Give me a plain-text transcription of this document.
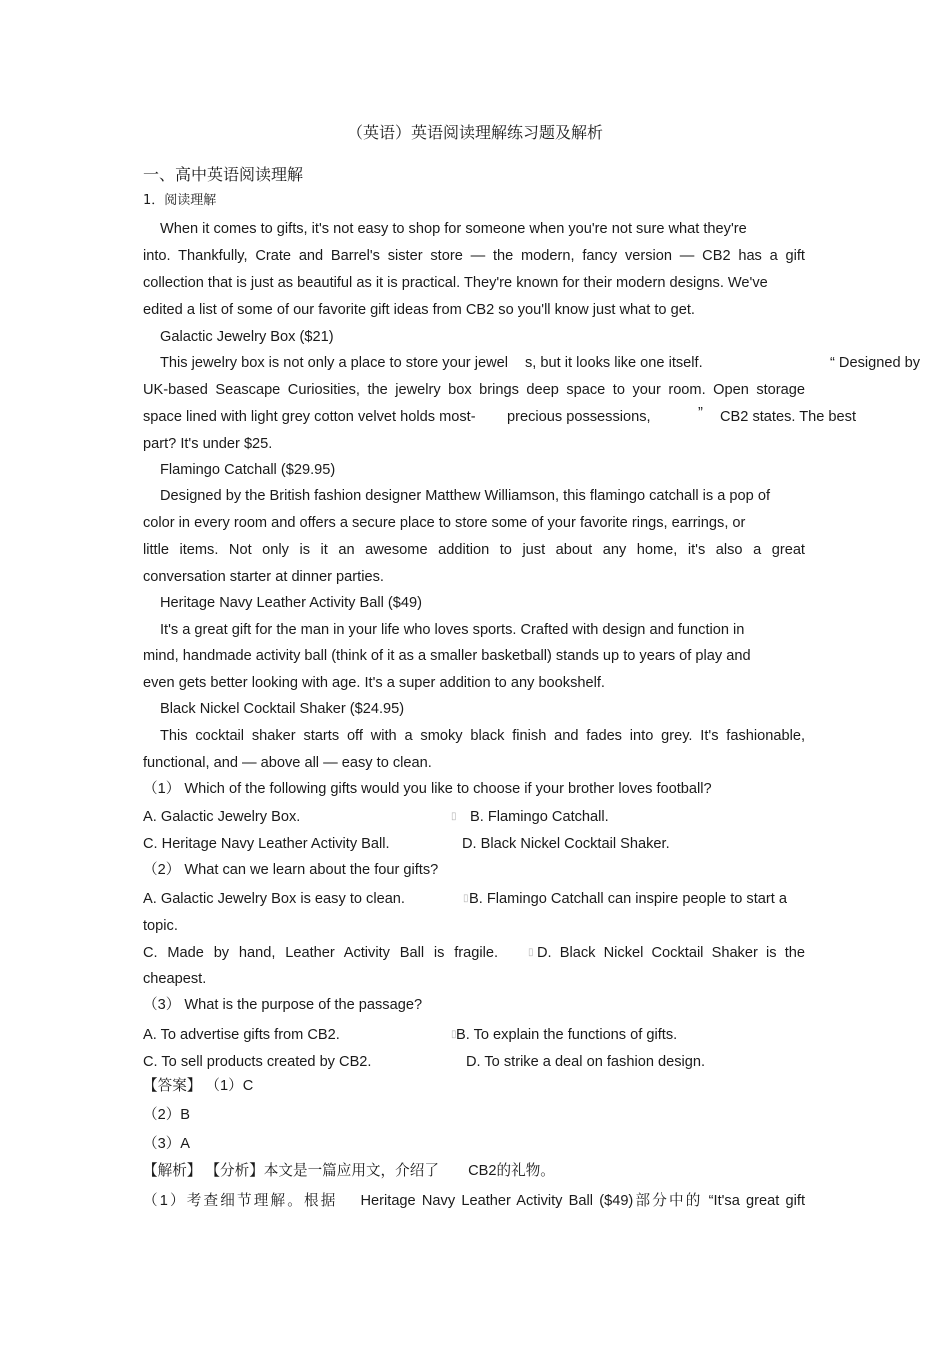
（英语）英语阅读理解练习题及解析
一、高中英语阅读理解
1．阅读理解
When it comes to gifts, it's not easy to shop for someone when you're not sure what they're
into. Thankfully, Crate and Barrel's sister store — the modern, fancy version — CB2 has a gift
collection that is just as beautiful as it is practical. They're known for their modern designs. We've
edited a list of some of our favorite gift ideas from CB2 so you'll know just what to get.
Galactic Jewelry Box ($21)
This jewelry box is not only a place to store your jewel s, but it looks like one itself.	“ Designed by
UK-based Seascape Curiosities, the jewelry box brings deep space to your room. Open storage
space lined with light grey cotton velvet holds most- precious possessions,	” CB2 states. The best
part? It's under $25.
Flamingo Catchall ($29.95)
Designed by the British fashion designer Matthew Williamson, this flamingo catchall is a pop of
color in every room and offers a secure place to store some of your favorite rings, earrings, or
little items. Not only is it an awesome addition to just about any home, it's also a great
conversation starter at dinner parties.
Heritage Navy Leather Activity Ball ($49)
It's a great gift for the man in your life who loves sports. Crafted with design and function in
mind, handmade activity ball (think of it as a smaller basketball) stands up to years of play and
even gets better looking with age. It's a super addition to any bookshelf.
Black Nickel Cocktail Shaker ($24.95)
This cocktail shaker starts off with a smoky black finish and fades into grey. It's fashionable,
functional, and — above all — easy to clean.
（1） Which of the following gifts would you like to choose if your brother loves football?
A. Galactic Jewelry Box.	▯ B. Flamingo Catchall.
C. Heritage Navy Leather Activity Ball.	D. Black Nickel Cocktail Shaker.
（2） What can we learn about the four gifts?
A. Galactic Jewelry Box is easy to clean.	▯ B. Flamingo Catchall can inspire people to start a
topic.
C. Made by hand, Leather Activity Ball is fragile.	▯ D. Black Nickel Cocktail Shaker is the
cheapest.
（3） What is the purpose of the passage?
A. To advertise gifts from CB2.	▯ B. To explain the functions of gifts.
C. To sell products created by CB2.	D. To strike a deal on fashion design.
【答案】 （1）C
（2）B
（3）A
【解析】 【分析】本文是一篇应用文，介绍了　　CB2的礼物。
（1）考查细节理解。根据　 Heritage Navy Leather Activity Ball ($49)部分中的 “It'sa great gift
